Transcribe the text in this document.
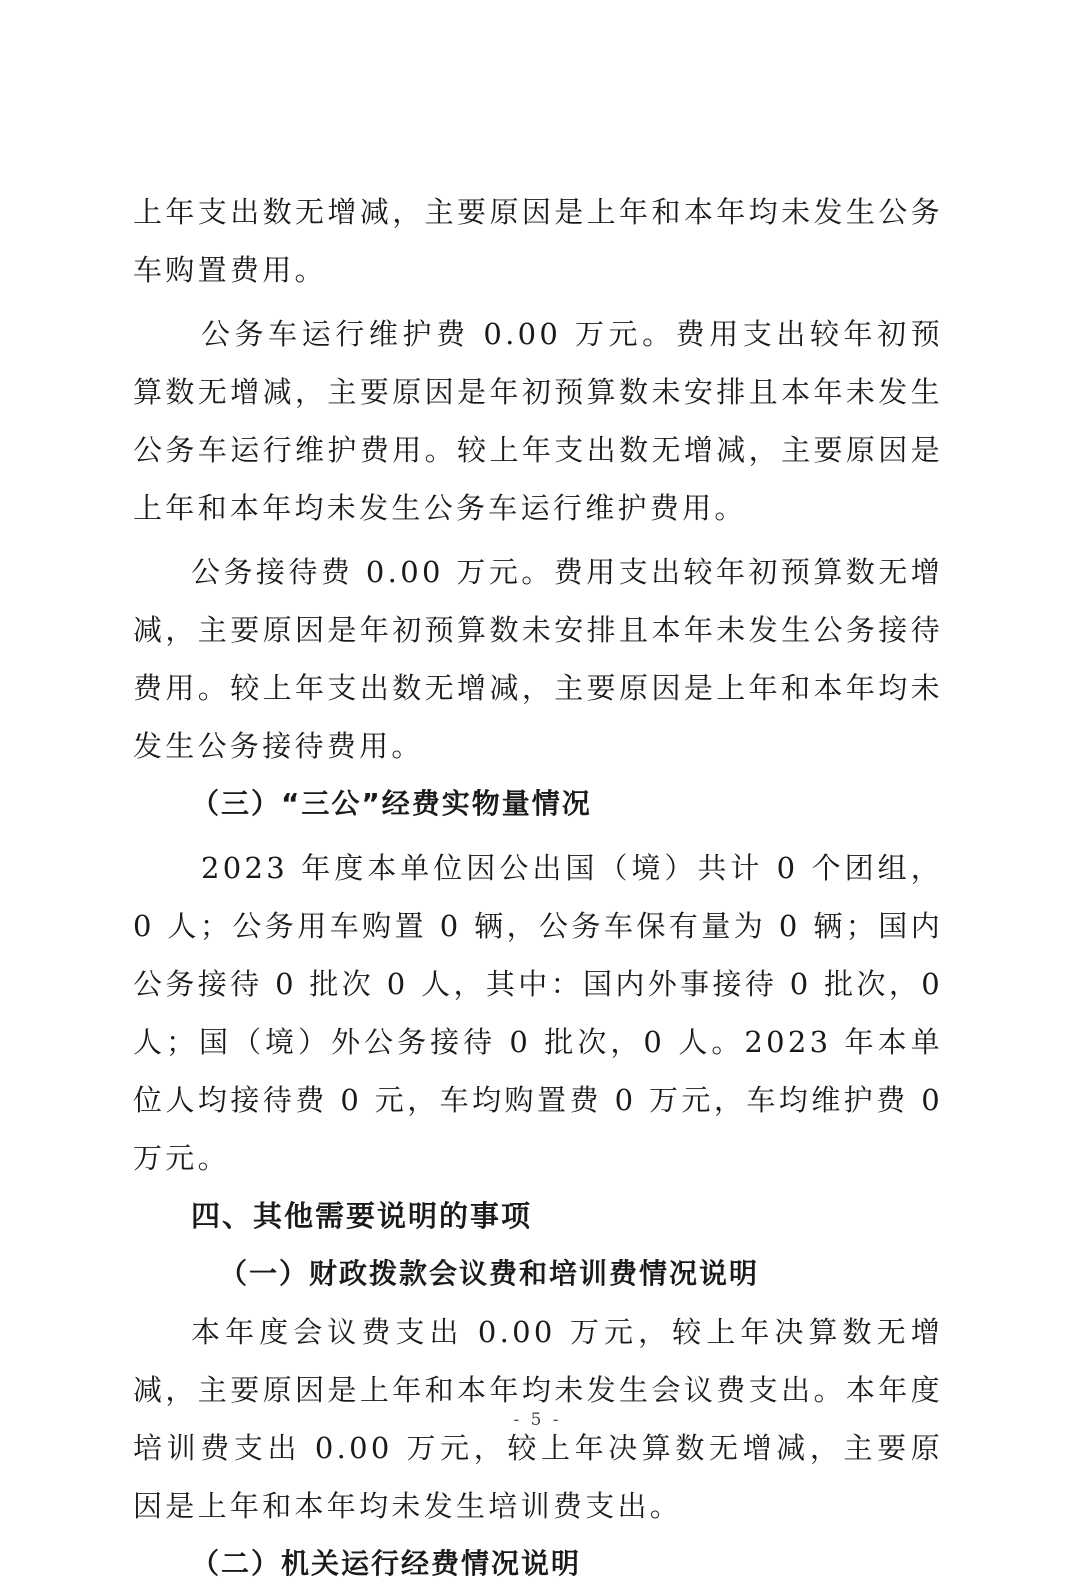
上年支出数无增减，主要原因是上年和本年均未发生公务车购置费用。

公务车运行维护费 0.00 万元。费用支出较年初预算数无增减，主要原因是年初预算数未安排且本年未发生公务车运行维护费用。较上年支出数无增减，主要原因是上年和本年均未发生公务车运行维护费用。

公务接待费 0.00 万元。费用支出较年初预算数无增减，主要原因是年初预算数未安排且本年未发生公务接待费用。较上年支出数无增减，主要原因是上年和本年均未发生公务接待费用。

（三）“三公”经费实物量情况

2023 年度本单位因公出国（境）共计 0 个团组，0 人；公务用车购置 0 辆，公务车保有量为 0 辆；国内公务接待 0 批次 0 人，其中：国内外事接待 0 批次，0 人；国（境）外公务接待 0 批次，0 人。2023 年本单位人均接待费 0 元，车均购置费 0 万元，车均维护费 0 万元。

四、其他需要说明的事项

（一）财政拨款会议费和培训费情况说明

本年度会议费支出 0.00 万元，较上年决算数无增减，主要原因是上年和本年均未发生会议费支出。本年度培训费支出 0.00 万元，较上年决算数无增减，主要原因是上年和本年均未发生培训费支出。

（二）机关运行经费情况说明

- 5 -
